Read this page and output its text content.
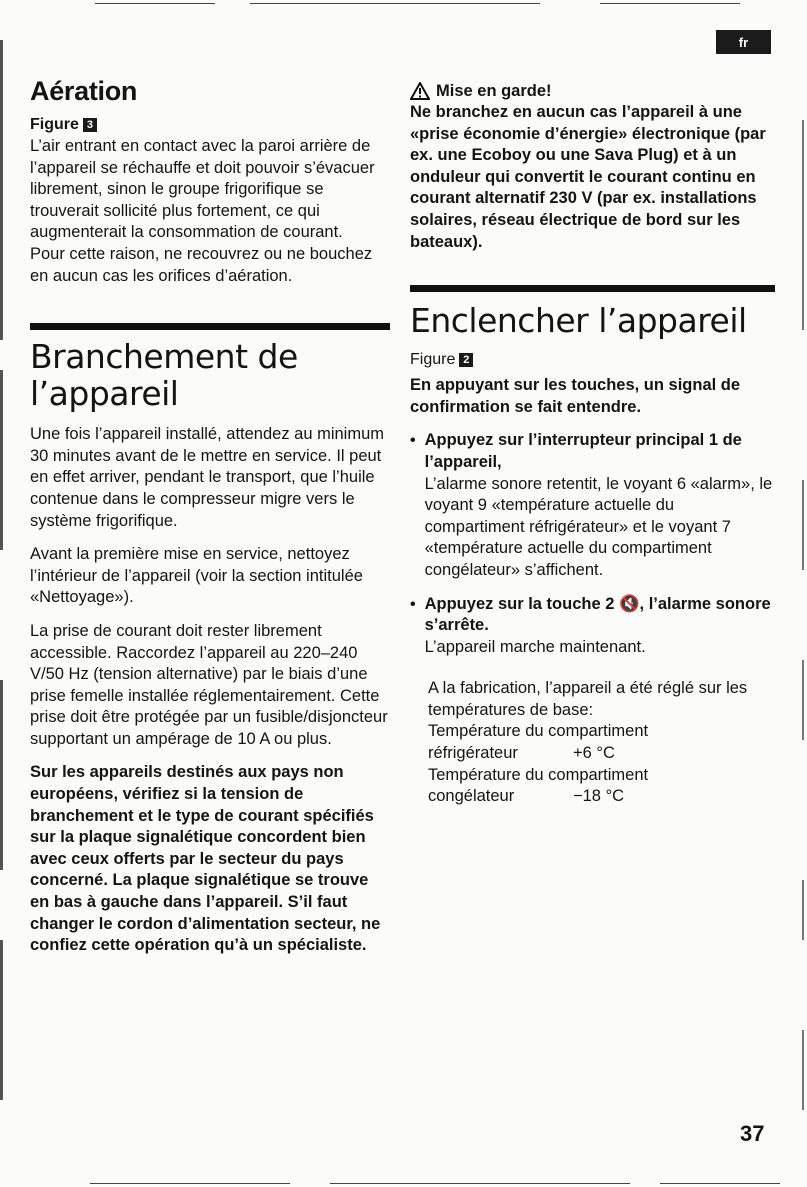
fr
Aération
Figure 3

L’air entrant en contact avec la paroi arrière de l’appareil se réchauffe et doit pouvoir s’évacuer librement, sinon le groupe frigorifique se trouverait sollicité plus fortement, ce qui augmenterait la consommation de courant.

Pour cette raison, ne recouvrez ou ne bouchez en aucun cas les orifices d’aération.

Branchement de
l’appareil

Une fois l’appareil installé, attendez au minimum 30 minutes avant de le mettre en service. Il peut en effet arriver, pendant le transport, que l’huile contenue dans le compresseur migre vers le système frigorifique.

Avant la première mise en service, nettoyez l’intérieur de l’appareil (voir la section intitulée «Nettoyage»).

La prise de courant doit rester librement accessible. Raccordez l’appareil au 220–240 V/50 Hz (tension alternative) par le biais d’une prise femelle installée réglementairement. Cette prise doit être protégée par un fusible/disjoncteur supportant un ampérage de 10 A ou plus.

Sur les appareils destinés aux pays non européens, vérifiez si la tension de branchement et le type de courant spécifiés sur la plaque signalétique concordent bien avec ceux offerts par le secteur du pays concerné. La plaque signalétique se trouve en bas à gauche dans l’appareil. S’il faut changer le cordon d’alimentation secteur, ne confiez cette opération qu’à un spécialiste.

Mise en garde!

Ne branchez en aucun cas l’appareil à une «prise économie d’énergie» électronique (par ex. une Ecoboy ou une Sava Plug) et à un onduleur qui convertit le courant continu en courant alternatif 230 V (par ex. installations solaires, réseau électrique de bord sur les bateaux).

Enclencher l’appareil
Figure 2

En appuyant sur les touches, un signal de confirmation se fait entendre.

• Appuyez sur l’interrupteur principal 1 de l’appareil,

L’alarme sonore retentit, le voyant 6 «alarm», le voyant 9 «température actuelle du compartiment réfrigérateur» et le voyant 7 «température actuelle du compartiment congélateur» s’affichent.

• Appuyez sur la touche 2 🔇, l’alarme sonore s’arrête.

L’appareil marche maintenant.

A la fabrication, l’appareil a été réglé sur les températures de base:

Température du compartiment

réfrigérateur	+6 °C

Température du compartiment

congélateur	−18 °C

37
